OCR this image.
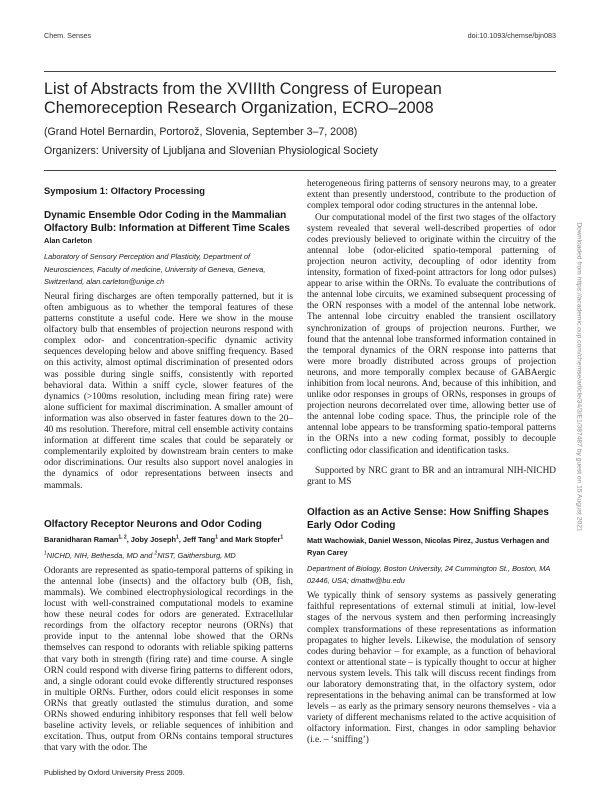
Chem. Senses	doi:10.1093/chemse/bjn083

List of Abstracts from the XVIIIth Congress of European Chemoreception Research Organization, ECRO–2008

(Grand Hotel Bernardin, Portorož, Slovenia, September 3–7, 2008)

Organizers: University of Ljubljana and Slovenian Physiological Society

Symposium 1: Olfactory Processing

Dynamic Ensemble Odor Coding in the Mammalian Olfactory Bulb: Information at Different Time Scales

Alan Carleton

Laboratory of Sensory Perception and Plasticity, Department of Neurosciences, Faculty of medicine, University of Geneva, Geneva, Switzerland, alan.carleton@unige.ch

Neural firing discharges are often temporally patterned, but it is often ambiguous as to whether the temporal features of these patterns constitute a useful code. Here we show in the mouse olfactory bulb that ensembles of projection neurons respond with complex odor- and concentration-specific dynamic activity sequences developing below and above sniffing frequency. Based on this activity, almost optimal discrimination of presented odors was possible during single sniffs, consistently with reported behavioral data. Within a sniff cycle, slower features of the dynamics (>100ms resolution, including mean firing rate) were alone sufficient for maximal discrimination. A smaller amount of information was also observed in faster features down to the 20–40 ms resolution. Therefore, mitral cell ensemble activity contains information at different time scales that could be separately or complementarily exploited by downstream brain centers to make odor discriminations. Our results also support novel analogies in the dynamics of odor representations between insects and mammals.

Olfactory Receptor Neurons and Odor Coding

Baranidharan Raman$^{1, 2}$, Joby Joseph$^1$, Jeff Tang$^1$ and Mark Stopfer$^1$

$^1$NICHD, NIH, Bethesda, MD and $^2$NIST, Gaithersburg, MD

Odorants are represented as spatio-temporal patterns of spiking in the antennal lobe (insects) and the olfactory bulb (OB, fish, mammals). We combined electrophysiological recordings in the locust with well-constrained computational models to examine how these neural codes for odors are generated. Extracellular recordings from the olfactory receptor neurons (ORNs) that provide input to the antennal lobe showed that the ORNs themselves can respond to odorants with reliable spiking patterns that vary both in strength (firing rate) and time course. A single ORN could respond with diverse firing patterns to different odors, and, a single odorant could evoke differently structured responses in multiple ORNs. Further, odors could elicit responses in some ORNs that greatly outlasted the stimulus duration, and some ORNs showed enduring inhibitory responses that fell well below baseline activity levels, or reliable sequences of inhibition and excitation. Thus, output from ORNs contains temporal structures that vary with the odor. The

heterogeneous firing patterns of sensory neurons may, to a greater extent than presently understood, contribute to the production of complex temporal odor coding structures in the antennal lobe.

Our computational model of the first two stages of the olfactory system revealed that several well-described properties of odor codes previously believed to originate within the circuitry of the antennal lobe (odor-elicited spatio-temporal patterning of projection neuron activity, decoupling of odor identity from intensity, formation of fixed-point attractors for long odor pulses) appear to arise within the ORNs. To evaluate the contributions of the antennal lobe circuits, we examined subsequent processing of the ORN responses with a model of the antennal lobe network. The antennal lobe circuitry enabled the transient oscillatory synchronization of groups of projection neurons. Further, we found that the antennal lobe transformed information contained in the temporal dynamics of the ORN response into patterns that were more broadly distributed across groups of projection neurons, and more temporally complex because of GABAergic inhibition from local neurons. And, because of this inhibition, and unlike odor responses in groups of ORNs, responses in groups of projection neurons decorrelated over time, allowing better use of the antennal lobe coding space. Thus, the principle role of the antennal lobe appears to be transforming spatio-temporal patterns in the ORNs into a new coding format, possibly to decouple conflicting odor classification and identification tasks.

Supported by NRC grant to BR and an intramural NIH-NICHD grant to MS

Olfaction as an Active Sense: How Sniffing Shapes Early Odor Coding

Matt Wachowiak, Daniel Wesson, Nicolas Pirez, Justus Verhagen and Ryan Carey

Department of Biology, Boston University, 24 Cummington St., Boston, MA 02446, USA; dmattw@bu.edu

We typically think of sensory systems as passively generating faithful representations of external stimuli at initial, low-level stages of the nervous system and then performing increasingly complex transformations of these representations as information propagates to higher levels. Likewise, the modulation of sensory codes during behavior – for example, as a function of behavioral context or attentional state – is typically thought to occur at higher nervous system levels. This talk will discuss recent findings from our laboratory demonstrating that, in the olfactory system, odor representations in the behaving animal can be transformed at low levels – as early as the primary sensory neurons themselves - via a variety of different mechanisms related to the active acquisition of olfactory information. First, changes in odor sampling behavior (i.e. – ‘sniffing’)

Published by Oxford University Press 2009.

Downloaded from https://academic.oup.com/chemse/article/34/3/E1/387487 by guest on 15 August 2021
